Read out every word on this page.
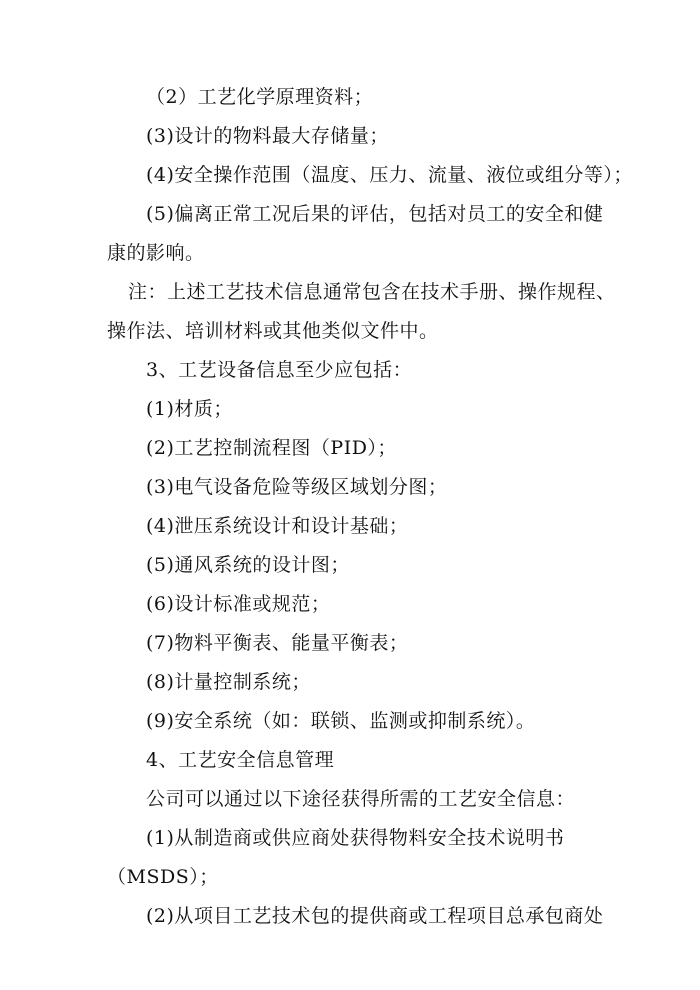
（2）工艺化学原理资料；
(3)设计的物料最大存储量；
(4)安全操作范围（温度、压力、流量、液位或组分等）；
(5)偏离正常工况后果的评估，包括对员工的安全和健
康的影响。
注：上述工艺技术信息通常包含在技术手册、操作规程、
操作法、培训材料或其他类似文件中。
3、工艺设备信息至少应包括：
(1)材质；
(2)工艺控制流程图（PID）；
(3)电气设备危险等级区域划分图；
(4)泄压系统设计和设计基础；
(5)通风系统的设计图；
(6)设计标准或规范；
(7)物料平衡表、能量平衡表；
(8)计量控制系统；
(9)安全系统（如：联锁、监测或抑制系统）。
4、工艺安全信息管理
公司可以通过以下途径获得所需的工艺安全信息：
(1)从制造商或供应商处获得物料安全技术说明书
（MSDS）；
(2)从项目工艺技术包的提供商或工程项目总承包商处
